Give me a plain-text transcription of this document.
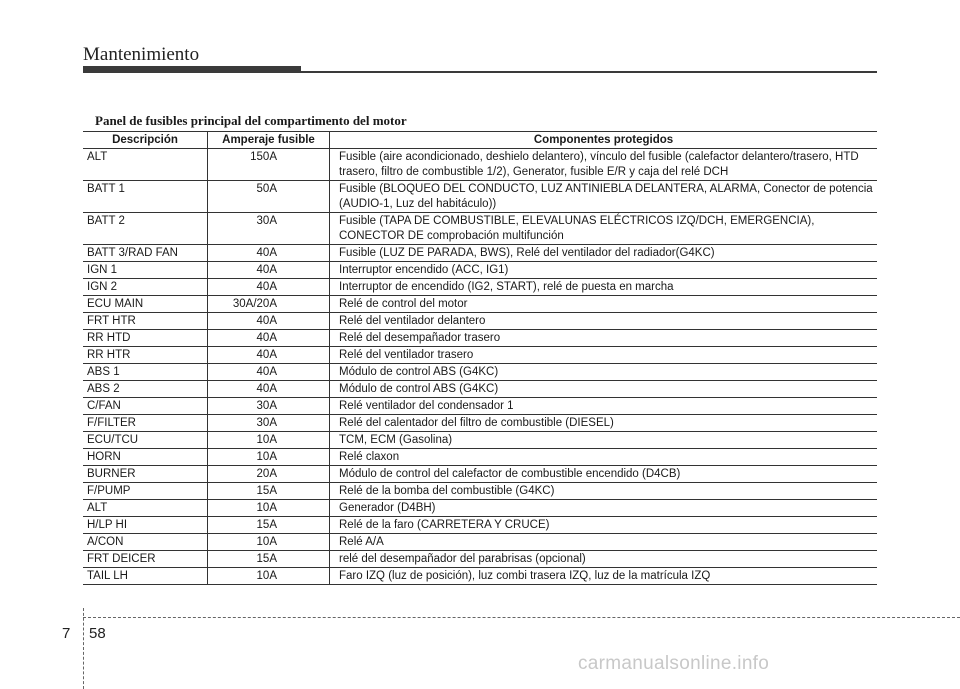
Mantenimiento
Panel de fusibles principal del compartimento del motor
Descripción	Amperaje fusible	Componentes protegidos
ALT	150A	Fusible (aire acondicionado, deshielo delantero), vínculo del fusible (calefactor delantero/trasero, HTD trasero, filtro de combustible 1/2), Generator, fusible E/R y caja del relé DCH
BATT 1	50A	Fusible (BLOQUEO DEL CONDUCTO, LUZ ANTINIEBLA DELANTERA, ALARMA, Conector de potencia (AUDIO-1, Luz del habitáculo))
BATT 2	30A	Fusible (TAPA DE COMBUSTIBLE, ELEVALUNAS ELÉCTRICOS IZQ/DCH, EMERGENCIA), CONECTOR DE comprobación multifunción
BATT 3/RAD FAN	40A	Fusible (LUZ DE PARADA, BWS), Relé del ventilador del radiador(G4KC)
IGN 1	40A	Interruptor encendido (ACC, IG1)
IGN 2	40A	Interruptor de encendido (IG2, START), relé de puesta en marcha
ECU MAIN	30A/20A	Relé de control del motor
FRT HTR	40A	Relé del ventilador delantero
RR HTD	40A	Relé del desempañador trasero
RR HTR	40A	Relé del ventilador trasero
ABS 1	40A	Módulo de control ABS (G4KC)
ABS 2	40A	Módulo de control ABS (G4KC)
C/FAN	30A	Relé ventilador del condensador 1
F/FILTER	30A	Relé del calentador del filtro de combustible (DIESEL)
ECU/TCU	10A	TCM, ECM (Gasolina)
HORN	10A	Relé claxon
BURNER	20A	Módulo de control del calefactor de combustible encendido (D4CB)
F/PUMP	15A	Relé de la bomba del combustible (G4KC)
ALT	10A	Generador (D4BH)
H/LP HI	15A	Relé de la faro (CARRETERA Y CRUCE)
A/CON	10A	Relé A/A
FRT DEICER	15A	relé del desempañador del parabrisas (opcional)
TAIL LH	10A	Faro IZQ (luz de posición), luz combi trasera IZQ, luz de la matrícula IZQ
7 58
carmanualsonline.info
